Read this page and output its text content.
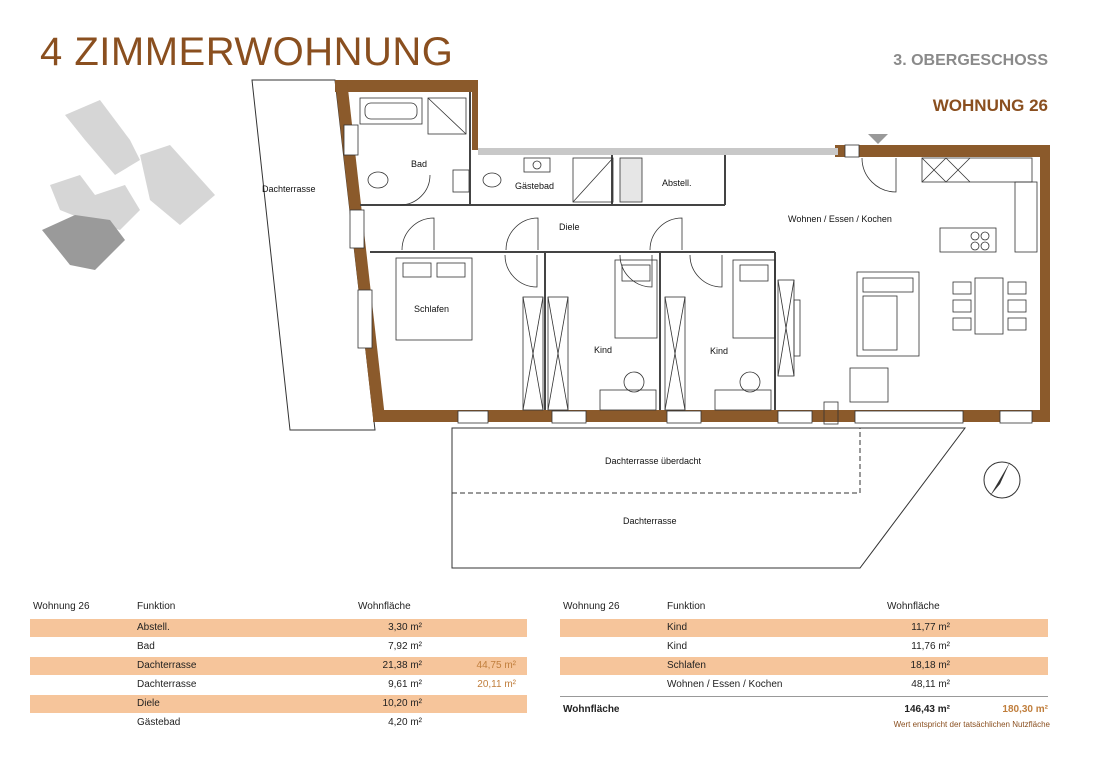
4 ZIMMERWOHNUNG	3. OBERGESCHOSS
WOHNUNG 26
Dachterrasse
Bad
Gästebad	Abstell.
Diele
Wohnen / Essen / Kochen
Schlafen
Kind	Kind
Dachterrasse überdacht
Dachterrasse
Wohnung 26	Funktion	Wohnfläche
Abstell.	3,30 m²
Bad	7,92 m²
Dachterrasse	21,38 m²	44,75 m²
Dachterrasse	9,61 m²	20,11 m²
Diele	10,20 m²
Gästebad	4,20 m²
Wohnung 26	Funktion	Wohnfläche
Kind	11,77 m²
Kind	11,76 m²
Schlafen	18,18 m²
Wohnen / Essen / Kochen	48,11 m²
Wohnfläche	146,43 m²	180,30 m²
Wert entspricht der tatsächlichen Nutzfläche
